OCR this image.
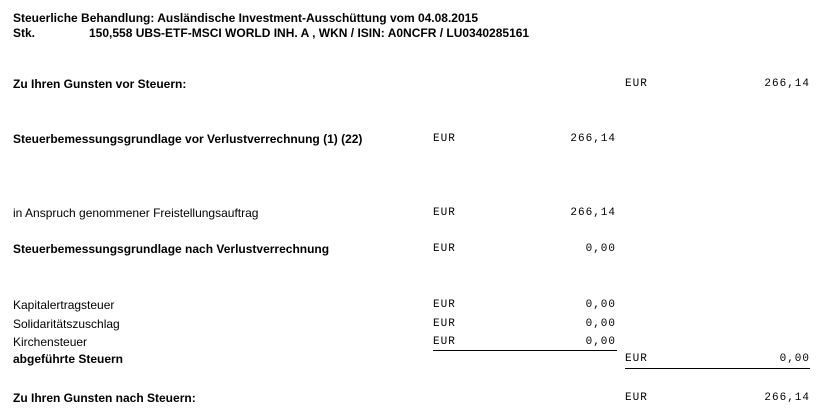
Steuerliche Behandlung: Ausländische Investment-Ausschüttung vom 04.08.2015
Stk.	150,558 UBS-ETF-MSCI WORLD INH. A , WKN / ISIN: A0NCFR / LU0340285161
Zu Ihren Gunsten vor Steuern:	EUR	266,14
Steuerbemessungsgrundlage vor Verlustverrechnung (1) (22)	EUR	266,14
in Anspruch genommener Freistellungsauftrag	EUR	266,14
Steuerbemessungsgrundlage nach Verlustverrechnung	EUR	0,00
Kapitalertragsteuer	EUR	0,00
Solidaritätszuschlag	EUR	0,00
Kirchensteuer	EUR	0,00
abgeführte Steuern	EUR	0,00
Zu Ihren Gunsten nach Steuern:	EUR	266,14
